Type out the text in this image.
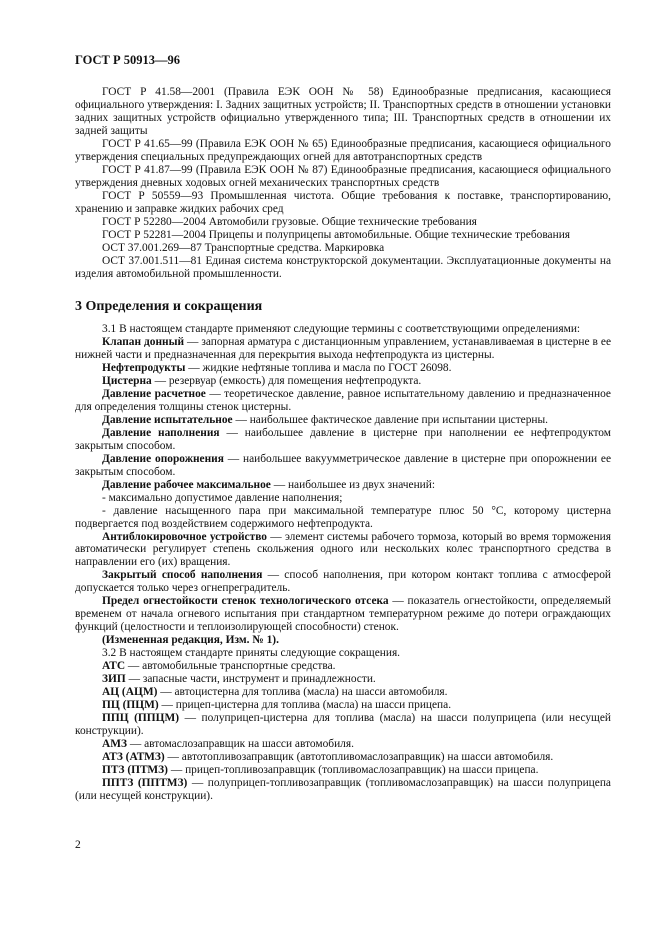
ГОСТ Р 50913—96

ГОСТ Р 41.58—2001 (Правила ЕЭК ООН № 58) Единообразные предписания, касающиеся официального утверждения: I. Задних защитных устройств; II. Транспортных средств в отношении установки задних защитных устройств официально утвержденного типа; III. Транспортных средств в отношении их задней защиты

ГОСТ Р 41.65—99 (Правила ЕЭК ООН № 65) Единообразные предписания, касающиеся официального утверждения специальных предупреждающих огней для автотранспортных средств

ГОСТ Р 41.87—99 (Правила ЕЭК ООН № 87) Единообразные предписания, касающиеся официального утверждения дневных ходовых огней механических транспортных средств

ГОСТ Р 50559—93 Промышленная чистота. Общие требования к поставке, транспортированию, хранению и заправке жидких рабочих сред

ГОСТ Р 52280—2004 Автомобили грузовые. Общие технические требования

ГОСТ Р 52281—2004 Прицепы и полуприцепы автомобильные. Общие технические требования

ОСТ 37.001.269—87 Транспортные средства. Маркировка

ОСТ 37.001.511—81 Единая система конструкторской документации. Эксплуатационные документы на изделия автомобильной промышленности.

3 Определения и сокращения

3.1 В настоящем стандарте применяют следующие термины с соответствующими определениями:

Клапан донный — запорная арматура с дистанционным управлением, устанавливаемая в цистерне в ее нижней части и предназначенная для перекрытия выхода нефтепродукта из цистерны.

Нефтепродукты — жидкие нефтяные топлива и масла по ГОСТ 26098.

Цистерна — резервуар (емкость) для помещения нефтепродукта.

Давление расчетное — теоретическое давление, равное испытательному давлению и предназначенное для определения толщины стенок цистерны.

Давление испытательное — наибольшее фактическое давление при испытании цистерны.

Давление наполнения — наибольшее давление в цистерне при наполнении ее нефтепродуктом закрытым способом.

Давление опорожнения — наибольшее вакуумметрическое давление в цистерне при опорожнении ее закрытым способом.

Давление рабочее максимальное — наибольшее из двух значений:

- максимально допустимое давление наполнения;

- давление насыщенного пара при максимальной температуре плюс 50 °С, которому цистерна подвергается под воздействием содержимого нефтепродукта.

Антиблокировочное устройство — элемент системы рабочего тормоза, который во время торможения автоматически регулирует степень скольжения одного или нескольких колес транспортного средства в направлении его (их) вращения.

Закрытый способ наполнения — способ наполнения, при котором контакт топлива с атмосферой допускается только через огнепреградитель.

Предел огнестойкости стенок технологического отсека — показатель огнестойкости, определяемый временем от начала огневого испытания при стандартном температурном режиме до потери ограждающих функций (целостности и теплоизолирующей способности) стенок.

(Измененная редакция, Изм. № 1).

3.2 В настоящем стандарте приняты следующие сокращения.

АТС — автомобильные транспортные средства.

ЗИП — запасные части, инструмент и принадлежности.

АЦ (АЦМ) — автоцистерна для топлива (масла) на шасси автомобиля.

ПЦ (ПЦМ) — прицеп-цистерна для топлива (масла) на шасси прицепа.

ППЦ (ППЦМ) — полуприцеп-цистерна для топлива (масла) на шасси полуприцепа (или несущей конструкции).

АМЗ — автомаслозаправщик на шасси автомобиля.

АТЗ (АТМЗ) — автотопливозаправщик (автотопливомаслозаправщик) на шасси автомобиля.

ПТЗ (ПТМЗ) — прицеп-топливозаправщик (топливомаслозаправщик) на шасси прицепа.

ППТЗ (ППТМЗ) — полуприцеп-топливозаправщик (топливомаслозаправщик) на шасси полуприцепа (или несущей конструкции).

2
